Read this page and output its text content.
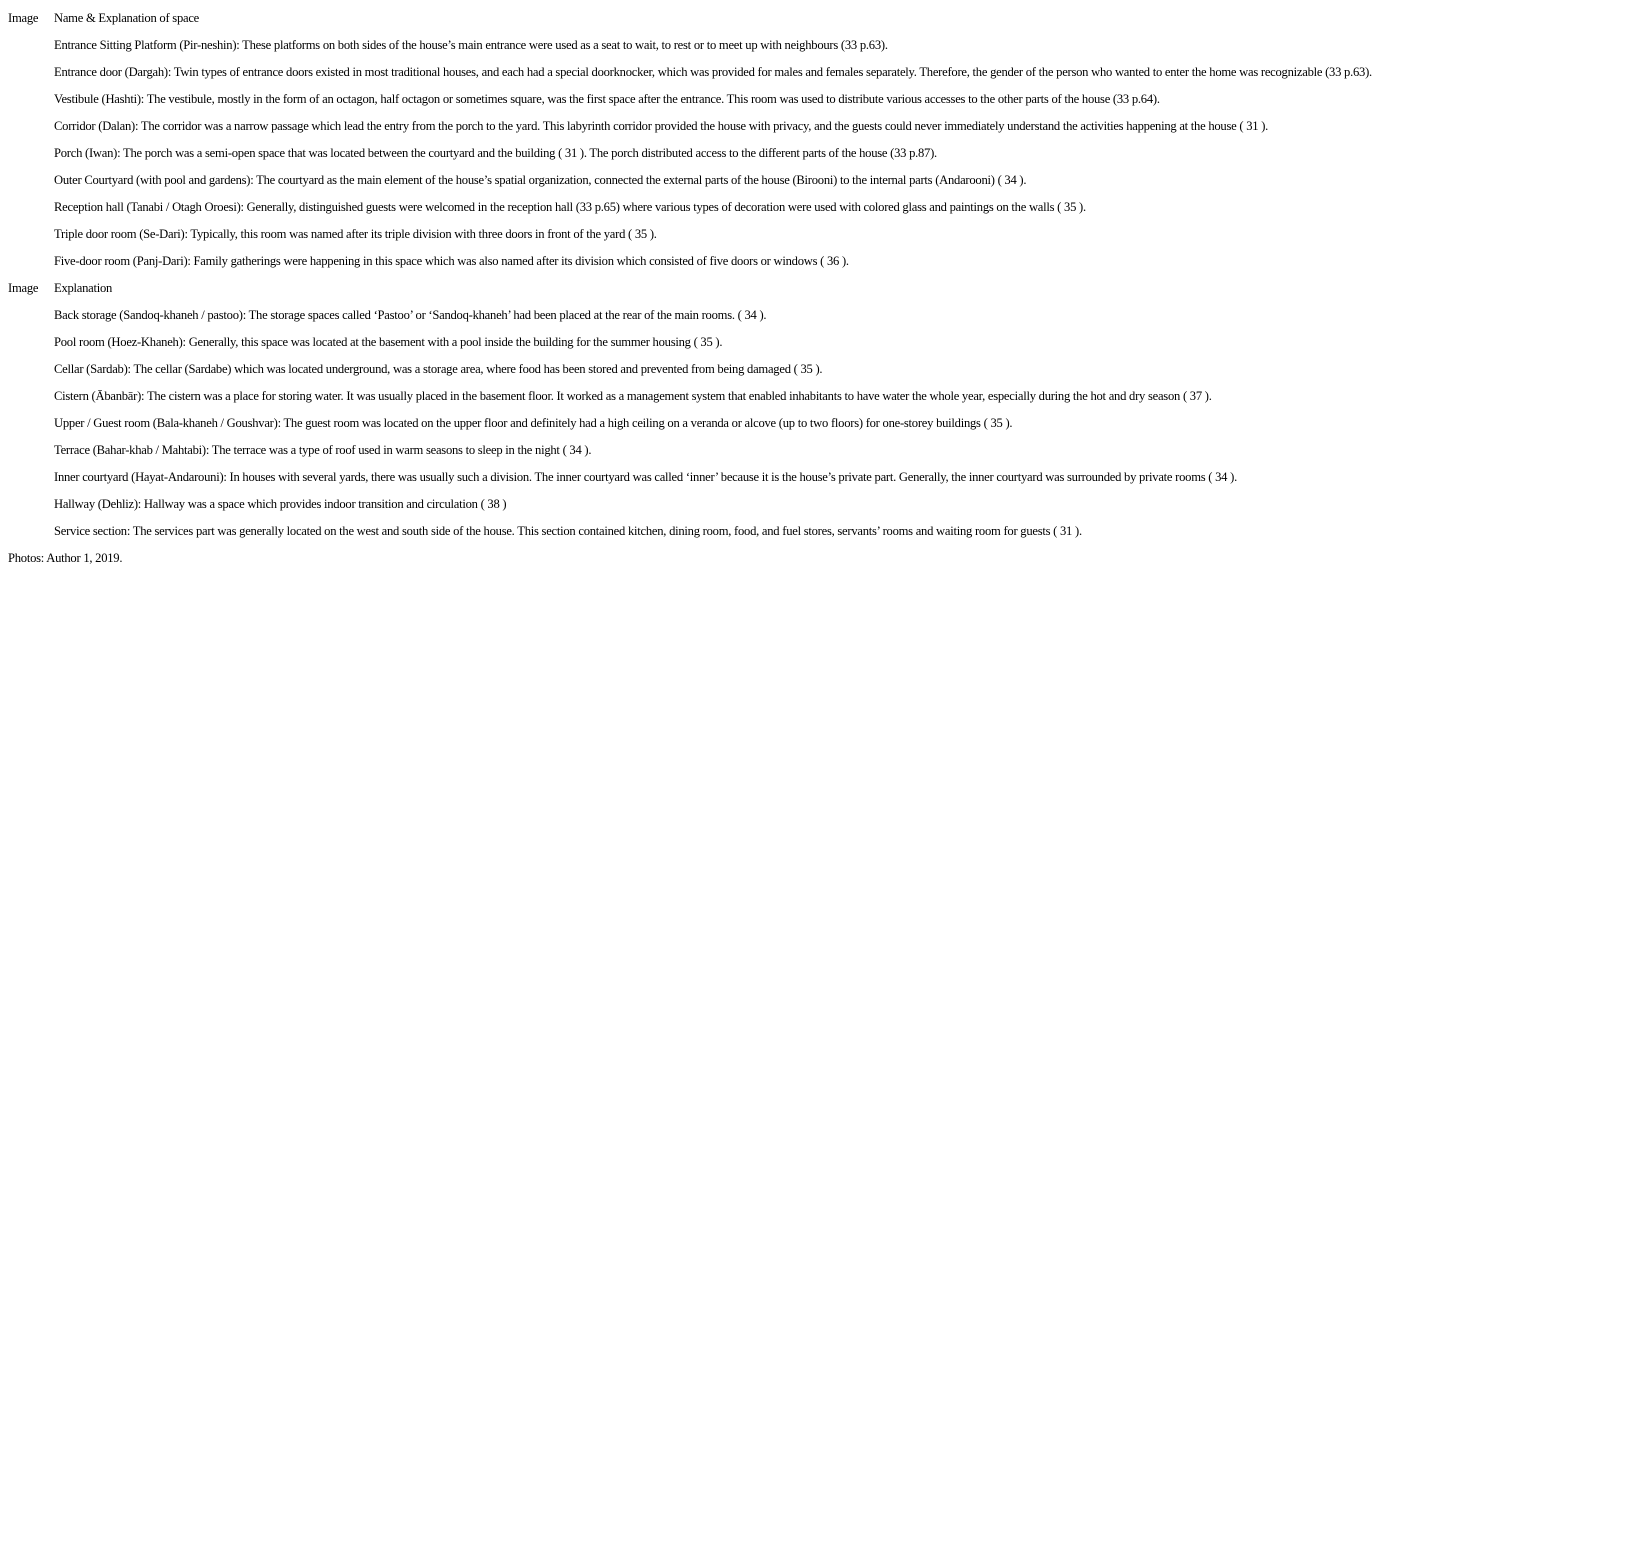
Image	Name & Explanation of space
	Entrance Sitting Platform (Pir-neshin): These platforms on both sides of the house’s main entrance were used as a seat to wait, to rest or to meet up with neighbours (33 p.63).
	Entrance door (Dargah): Twin types of entrance doors existed in most traditional houses, and each had a special doorknocker, which was provided for males and females separately. Therefore, the gender of the person who wanted to enter the home was recognizable (33 p.63).
	Vestibule (Hashti): The vestibule, mostly in the form of an octagon, half octagon or sometimes square, was the first space after the entrance. This room was used to distribute various accesses to the other parts of the house (33 p.64).
	Corridor (Dalan): The corridor was a narrow passage which lead the entry from the porch to the yard. This labyrinth corridor provided the house with privacy, and the guests could never immediately understand the activities happening at the house ( 31 ).
	Porch (Iwan): The porch was a semi-open space that was located between the courtyard and the building ( 31 ). The porch distributed access to the different parts of the house (33 p.87).
	Outer Courtyard (with pool and gardens): The courtyard as the main element of the house’s spatial organization, connected the external parts of the house (Birooni) to the internal parts (Andarooni) ( 34 ).
	Reception hall (Tanabi / Otagh Oroesi): Generally, distinguished guests were welcomed in the reception hall (33 p.65) where various types of decoration were used with colored glass and paintings on the walls ( 35 ).
	Triple door room (Se-Dari): Typically, this room was named after its triple division with three doors in front of the yard ( 35 ).
	Five-door room (Panj-Dari): Family gatherings were happening in this space which was also named after its division which consisted of five doors or windows ( 36 ).
Image	Explanation
	Back storage (Sandoq-khaneh / pastoo): The storage spaces called ‘Pastoo’ or ‘Sandoq-khaneh’ had been placed at the rear of the main rooms. ( 34 ).
	Pool room (Hoez-Khaneh): Generally, this space was located at the basement with a pool inside the building for the summer housing ( 35 ).
	Cellar (Sardab): The cellar (Sardabe) which was located underground, was a storage area, where food has been stored and prevented from being damaged ( 35 ).
	Cistern (Ābanbār): The cistern was a place for storing water. It was usually placed in the basement floor. It worked as a management system that enabled inhabitants to have water the whole year, especially during the hot and dry season ( 37 ).
	Upper / Guest room (Bala-khaneh / Goushvar): The guest room was located on the upper floor and definitely had a high ceiling on a veranda or alcove (up to two floors) for one-storey buildings ( 35 ).
	Terrace (Bahar-khab / Mahtabi): The terrace was a type of roof used in warm seasons to sleep in the night ( 34 ).
	Inner courtyard (Hayat-Andarouni): In houses with several yards, there was usually such a division. The inner courtyard was called ‘inner’ because it is the house’s private part. Generally, the inner courtyard was surrounded by private rooms ( 34 ).
	Hallway (Dehliz): Hallway was a space which provides indoor transition and circulation ( 38 )
	Service section: The services part was generally located on the west and south side of the house. This section contained kitchen, dining room, food, and fuel stores, servants’ rooms and waiting room for guests ( 31 ).
Photos: Author 1, 2019.
